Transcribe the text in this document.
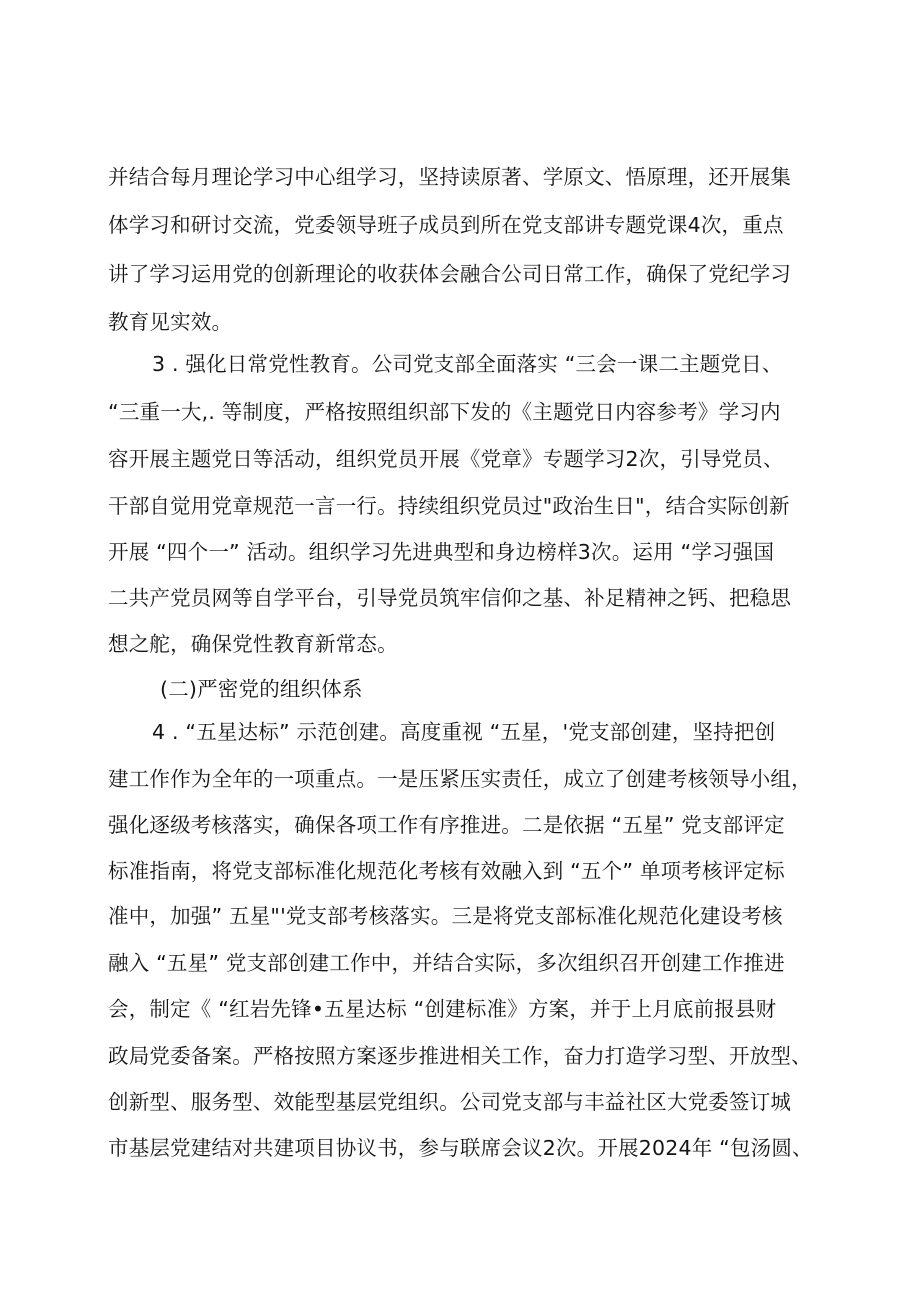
并结合每月理论学习中心组学习，坚持读原著、学原文、悟原理，还开展集
体学习和研讨交流，党委领导班子成员到所在党支部讲专题党课4次，重点
讲了学习运用党的创新理论的收获体会融合公司日常工作，确保了党纪学习
教育见实效。
3 . 强化日常党性教育。公司党支部全面落实 “三会一课二主题党日、
“三重一大,. 等制度，严格按照组织部下发的《主题党日内容参考》学习内
容开展主题党日等活动，组织党员开展《党章》专题学习2次，引导党员、
干部自觉用党章规范一言一行。持续组织党员过"政治生日"，结合实际创新
开展 “四个一” 活动。组织学习先进典型和身边榜样3次。运用 “学习强国
二共产党员网等自学平台，引导党员筑牢信仰之基、补足精神之钙、把稳思
想之舵，确保党性教育新常态。
(二)严密党的组织体系
4 . “五星达标” 示范创建。高度重视 “五星，'党支部创建，坚持把创
建工作作为全年的一项重点。一是压紧压实责任，成立了创建考核领导小组，
强化逐级考核落实，确保各项工作有序推进。二是依据 “五星” 党支部评定
标准指南，将党支部标准化规范化考核有效融入到 “五个” 单项考核评定标
准中，加强” 五星"'党支部考核落实。三是将党支部标准化规范化建设考核
融入 “五星” 党支部创建工作中，并结合实际，多次组织召开创建工作推进
会，制定《 “红岩先锋•五星达标 “创建标准》方案，并于上月底前报县财
政局党委备案。严格按照方案逐步推进相关工作，奋力打造学习型、开放型、
创新型、服务型、效能型基层党组织。公司党支部与丰益社区大党委签订城
市基层党建结对共建项目协议书，参与联席会议2次。开展2024年 “包汤圆、
